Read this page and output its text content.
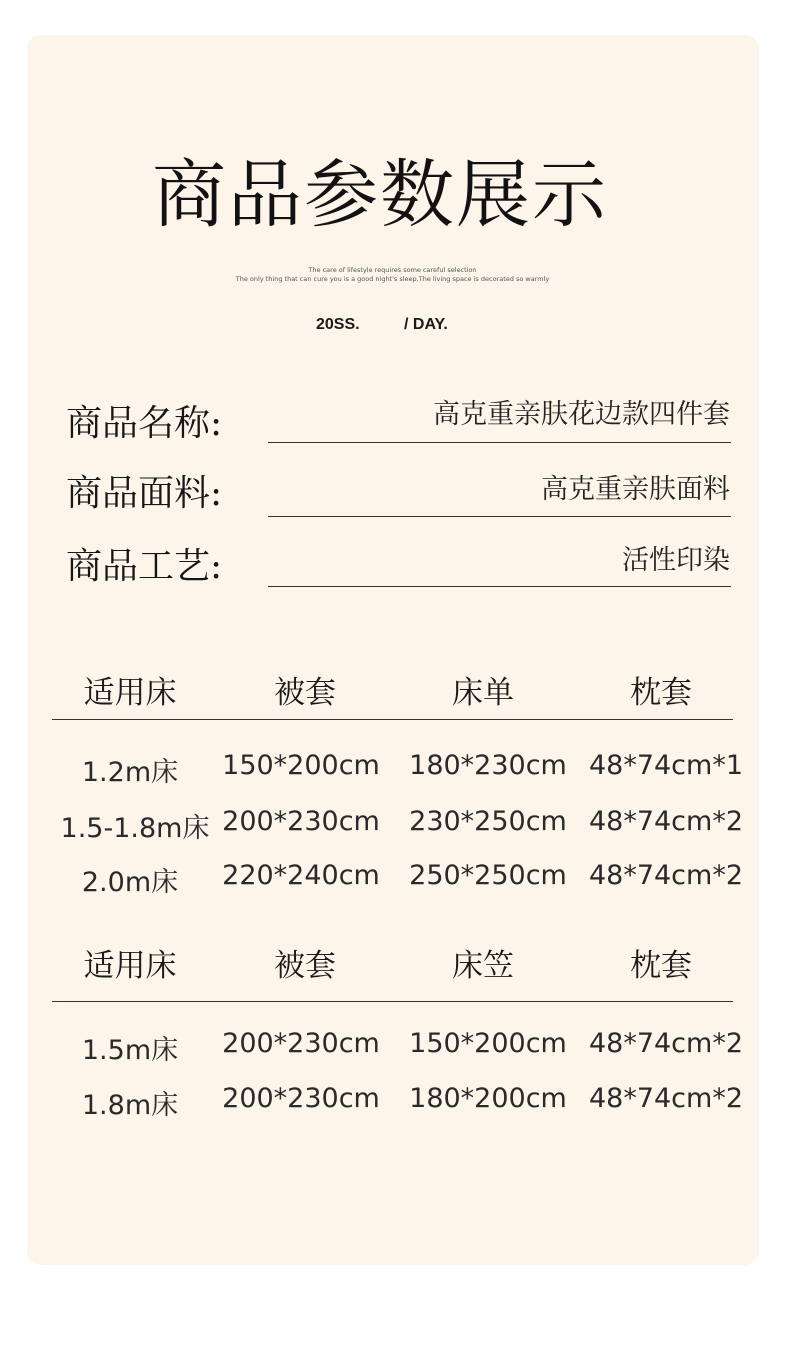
商品参数展示
The care of lifestyle requires some careful selection
The only thing that can cure you is a good night's sleep,The living space is decorated so warmly
20SS.	/ DAY.
商品名称:	高克重亲肤花边款四件套
商品面料:	高克重亲肤面料
商品工艺:	活性印染
适用床	被套	床单	枕套
1.2m床	150*200cm 180*230cm 48*74cm*1
1.5-1.8m床 200*230cm 230*250cm 48*74cm*2
2.0m床	220*240cm 250*250cm 48*74cm*2
适用床	被套	床笠	枕套
1.5m床	200*230cm 150*200cm 48*74cm*2
1.8m床	200*230cm 180*200cm 48*74cm*2
